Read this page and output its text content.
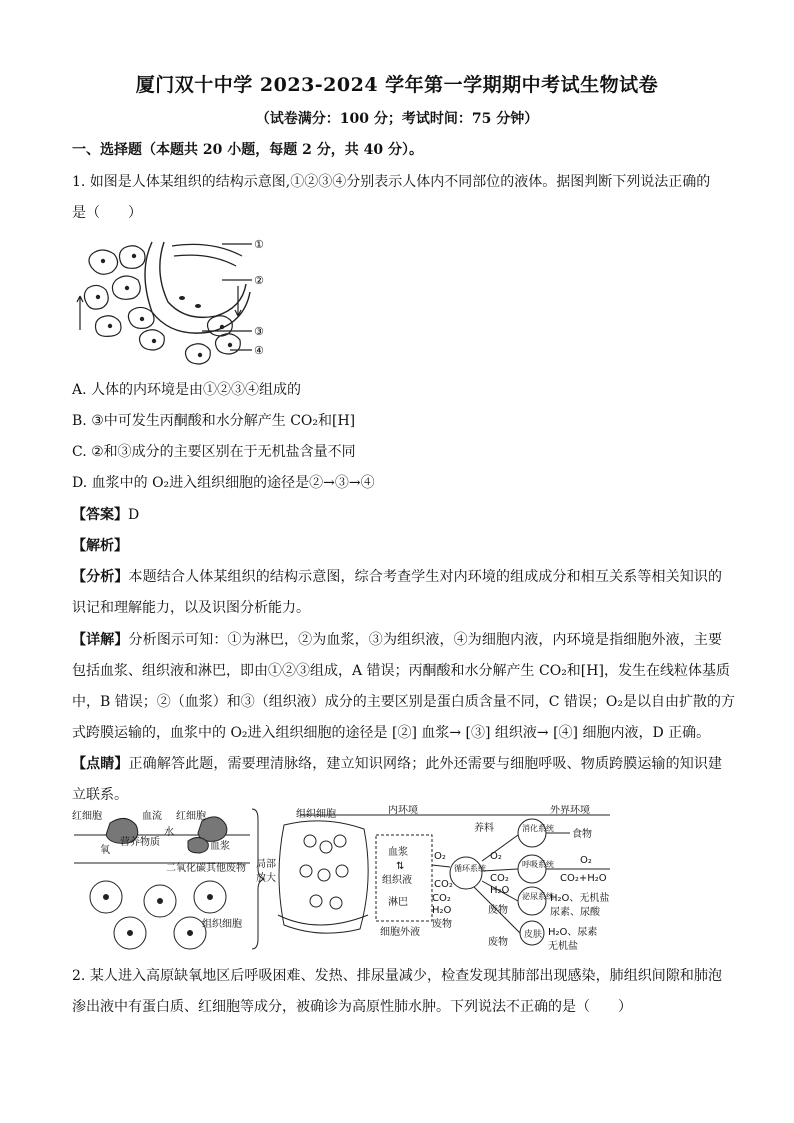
厦门双十中学 2023-2024 学年第一学期期中考试生物试卷
（试卷满分：100 分；考试时间：75 分钟）
一、选择题（本题共 20 小题，每题 2 分，共 40 分）。
1. 如图是人体某组织的结构示意图,①②③④分别表示人体内不同部位的液体。据图判断下列说法正确的
是（　　）
①
②
③
④
A. 人体的内环境是由①②③④组成的
B. ③中可发生丙酮酸和水分解产生 CO₂和[H]
C. ②和③成分的主要区别在于无机盐含量不同
D. 血浆中的 O₂进入组织细胞的途径是②→③→④
【答案】D
【解析】
【分析】本题结合人体某组织的结构示意图，综合考查学生对内环境的组成成分和相互关系等相关知识的
识记和理解能力，以及识图分析能力。
【详解】分析图示可知：①为淋巴，②为血浆，③为组织液，④为细胞内液，内环境是指细胞外液，主要
包括血浆、组织液和淋巴，即由①②③组成，A 错误；丙酮酸和水分解产生 CO₂和[H]，发生在线粒体基质
中，B 错误；②（血浆）和③（组织液）成分的主要区别是蛋白质含量不同，C 错误；O₂是以自由扩散的方
式跨膜运输的，血浆中的 O₂进入组织细胞的途径是 [②] 血浆→ [③] 组织液→ [④] 细胞内液，D 正确。
【点睛】正确解答此题，需要理清脉络，建立知识网络；此外还需要与细胞呼吸、物质跨膜运输的知识建
立联系。
红细胞	血流 红细胞
氧
营养物质
水
血浆
二氧化碳 其他废物
组织细胞
局部
放大
组织细胞
血浆
⇅
组织液
淋巴
细胞外液
内环境	外界环境
养料	消化系统
食物
O₂
CO₂
循环系统
O₂
呼吸系统	O₂
CO₂
H₂O
CO₂+H₂O
泌尿系统
H₂O、无机盐
尿素、尿酸
废物
废物
皮肤 H₂O、尿素
无机盐
CO₂
H₂O
废物
2. 某人进入高原缺氧地区后呼吸困难、发热、排尿量减少，检查发现其肺部出现感染，肺组织间隙和肺泡
渗出液中有蛋白质、红细胞等成分，被确诊为高原性肺水肿。下列说法不正确的是（　　）
